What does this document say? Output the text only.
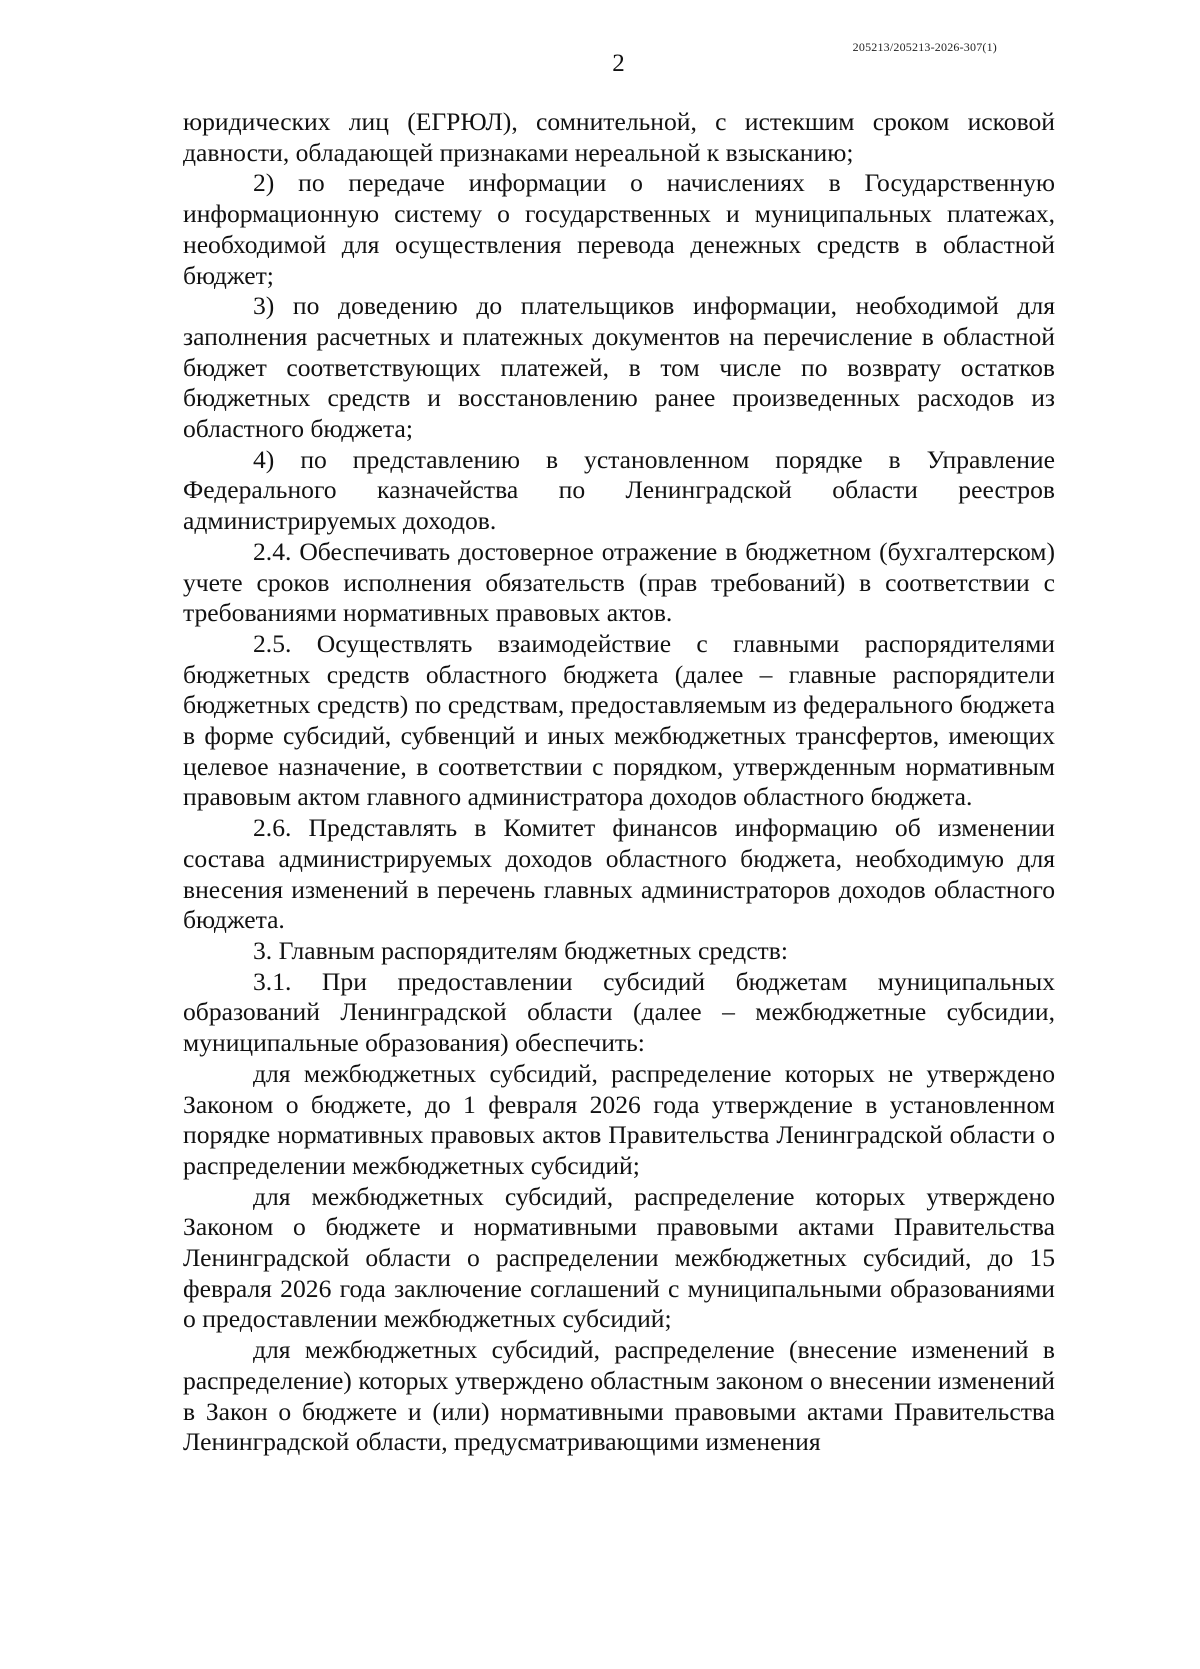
205213/205213-2026-307(1)
2

юридических лиц (ЕГРЮЛ), сомнительной, с истекшим сроком исковой давности, обладающей признаками нереальной к взысканию;

2) по передаче информации о начислениях в Государственную информационную систему о государственных и муниципальных платежах, необходимой для осуществления перевода денежных средств в областной бюджет;

3) по доведению до плательщиков информации, необходимой для заполнения расчетных и платежных документов на перечисление в областной бюджет соответствующих платежей, в том числе по возврату остатков бюджетных средств и восстановлению ранее произведенных расходов из областного бюджета;

4) по представлению в установленном порядке в Управление Федерального казначейства по Ленинградской области реестров администрируемых доходов.

2.4. Обеспечивать достоверное отражение в бюджетном (бухгалтерском) учете сроков исполнения обязательств (прав требований) в соответствии с требованиями нормативных правовых актов.

2.5. Осуществлять взаимодействие с главными распорядителями бюджетных средств областного бюджета (далее – главные распорядители бюджетных средств) по средствам, предоставляемым из федерального бюджета в форме субсидий, субвенций и иных межбюджетных трансфертов, имеющих целевое назначение, в соответствии с порядком, утвержденным нормативным правовым актом главного администратора доходов областного бюджета.

2.6. Представлять в Комитет финансов информацию об изменении состава администрируемых доходов областного бюджета, необходимую для внесения изменений в перечень главных администраторов доходов областного бюджета.

3. Главным распорядителям бюджетных средств:

3.1. При предоставлении субсидий бюджетам муниципальных образований Ленинградской области (далее – межбюджетные субсидии, муниципальные образования) обеспечить:

для межбюджетных субсидий, распределение которых не утверждено Законом о бюджете, до 1 февраля 2026 года утверждение в установленном порядке нормативных правовых актов Правительства Ленинградской области о распределении межбюджетных субсидий;

для межбюджетных субсидий, распределение которых утверждено Законом о бюджете и нормативными правовыми актами Правительства Ленинградской области о распределении межбюджетных субсидий, до 15 февраля 2026 года заключение соглашений с муниципальными образованиями о предоставлении межбюджетных субсидий;

для межбюджетных субсидий, распределение (внесение изменений в распределение) которых утверждено областным законом о внесении изменений в Закон о бюджете и (или) нормативными правовыми актами Правительства Ленинградской области, предусматривающими изменения
